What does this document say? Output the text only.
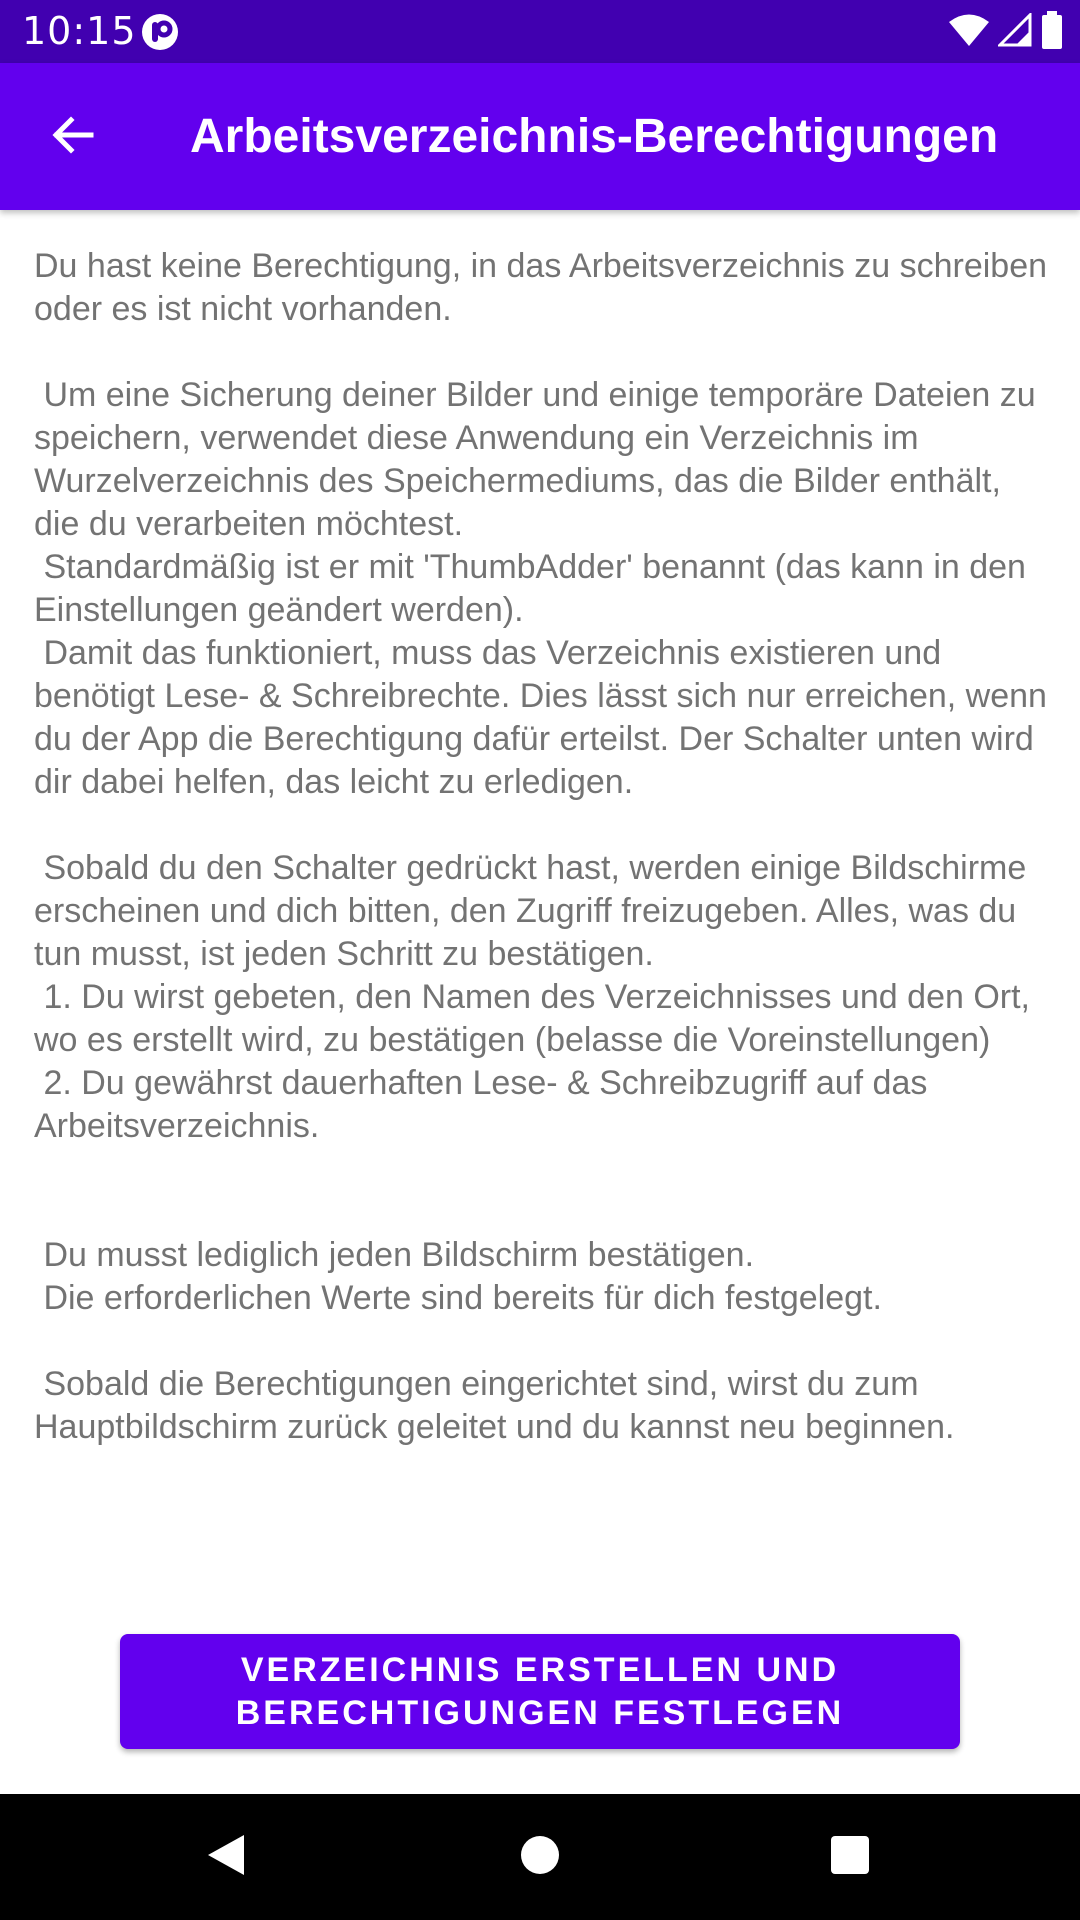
10:15
Arbeitsverzeichnis-Berechtigungen

Du hast keine Berechtigung, in das Arbeitsverzeichnis zu schreiben oder es ist nicht vorhanden.

Um eine Sicherung deiner Bilder und einige temporäre Dateien zu speichern, verwendet diese Anwendung ein Verzeichnis im Wurzelverzeichnis des Speichermediums, das die Bilder enthält, die du verarbeiten möchtest.
Standardmäßig ist er mit 'ThumbAdder' benannt (das kann in den Einstellungen geändert werden).
Damit das funktioniert, muss das Verzeichnis existieren und benötigt Lese- & Schreibrechte. Dies lässt sich nur erreichen, wenn du der App die Berechtigung dafür erteilst. Der Schalter unten wird dir dabei helfen, das leicht zu erledigen.

Sobald du den Schalter gedrückt hast, werden einige Bildschirme erscheinen und dich bitten, den Zugriff freizugeben. Alles, was du tun musst, ist jeden Schritt zu bestätigen.
1. Du wirst gebeten, den Namen des Verzeichnisses und den Ort, wo es erstellt wird, zu bestätigen (belasse die Voreinstellungen)
2. Du gewährst dauerhaften Lese- & Schreibzugriff auf das Arbeitsverzeichnis.

Du musst lediglich jeden Bildschirm bestätigen.
Die erforderlichen Werte sind bereits für dich festgelegt.

Sobald die Berechtigungen eingerichtet sind, wirst du zum Hauptbildschirm zurück geleitet und du kannst neu beginnen.

VERZEICHNIS ERSTELLEN UND
BERECHTIGUNGEN FESTLEGEN
